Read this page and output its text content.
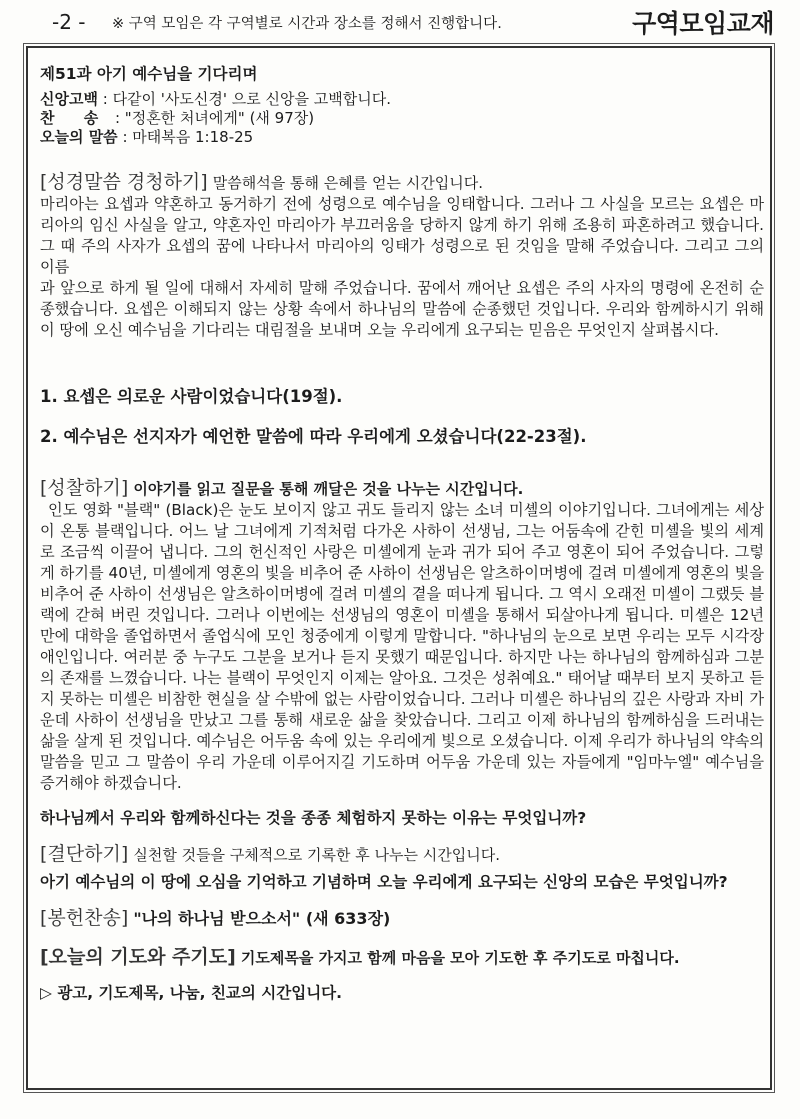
-2 - ※ 구역 모임은 각 구역별로 시간과 장소를 정해서 진행합니다.	구역모임교재

제51과 아기 예수님을 기다리며

신앙고백 : 다같이 '사도신경' 으로 신앙을 고백합니다.

찬 송 : "정혼한 처녀에게" (새 97장)

오늘의 말씀 : 마태복음 1:18-25

[성경말씀 경청하기] 말씀해석을 통해 은혜를 얻는 시간입니다.

마리아는 요셉과 약혼하고 동거하기 전에 성령으로 예수님을 잉태합니다. 그러나 그 사실을 모르는 요셉은 마리아의 임신 사실을 알고, 약혼자인 마리아가 부끄러움을 당하지 않게 하기 위해 조용히 파혼하려고 했습니다. 그 때 주의 사자가 요셉의 꿈에 나타나서 마리아의 잉태가 성령으로 된 것임을 말해 주었습니다. 그리고 그의 이름

과 앞으로 하게 될 일에 대해서 자세히 말해 주었습니다. 꿈에서 깨어난 요셉은 주의 사자의 명령에 온전히 순종했습니다. 요셉은 이해되지 않는 상황 속에서 하나님의 말씀에 순종했던 것입니다. 우리와 함께하시기 위해 이 땅에 오신 예수님을 기다리는 대림절을 보내며 오늘 우리에게 요구되는 믿음은 무엇인지 살펴봅시다.

1. 요셉은 의로운 사람이었습니다(19절).

2. 예수님은 선지자가 예언한 말씀에 따라 우리에게 오셨습니다(22-23절).

[성찰하기] 이야기를 읽고 질문을 통해 깨달은 것을 나누는 시간입니다.

인도 영화 "블랙" (Black)은 눈도 보이지 않고 귀도 들리지 않는 소녀 미셸의 이야기입니다. 그녀에게는 세상이 온통 블랙입니다. 어느 날 그녀에게 기적처럼 다가온 사하이 선생님, 그는 어둠속에 갇힌 미셸을 빛의 세계로 조금씩 이끌어 냅니다. 그의 헌신적인 사랑은 미셸에게 눈과 귀가 되어 주고 영혼이 되어 주었습니다. 그렇게 하기를 40년, 미셸에게 영혼의 빛을 비추어 준 사하이 선생님은 알츠하이머병에 걸려 미셸에게 영혼의 빛을 비추어 준 사하이 선생님은 알츠하이머병에 걸려 미셸의 곁을 떠나게 됩니다. 그 역시 오래전 미셸이 그랬듯 블랙에 갇혀 버린 것입니다. 그러나 이번에는 선생님의 영혼이 미셸을 통해서 되살아나게 됩니다. 미셸은 12년 만에 대학을 졸업하면서 졸업식에 모인 청중에게 이렇게 말합니다. "하나님의 눈으로 보면 우리는 모두 시각장애인입니다. 여러분 중 누구도 그분을 보거나 듣지 못했기 때문입니다. 하지만 나는 하나님의 함께하심과 그분의 존재를 느꼈습니다. 나는 블랙이 무엇인지 이제는 알아요. 그것은 성취예요." 태어날 때부터 보지 못하고 듣지 못하는 미셸은 비참한 현실을 살 수밖에 없는 사람이었습니다. 그러나 미셸은 하나님의 깊은 사랑과 자비 가운데 사하이 선생님을 만났고 그를 통해 새로운 삶을 찾았습니다. 그리고 이제 하나님의 함께하심을 드러내는 삶을 살게 된 것입니다. 예수님은 어두움 속에 있는 우리에게 빛으로 오셨습니다. 이제 우리가 하나님의 약속의 말씀을 믿고 그 말씀이 우리 가운데 이루어지길 기도하며 어두움 가운데 있는 자들에게 "임마누엘" 예수님을 증거해야 하겠습니다.

하나님께서 우리와 함께하신다는 것을 종종 체험하지 못하는 이유는 무엇입니까?

[결단하기] 실천할 것들을 구체적으로 기록한 후 나누는 시간입니다.

아기 예수님의 이 땅에 오심을 기억하고 기념하며 오늘 우리에게 요구되는 신앙의 모습은 무엇입니까?

[봉헌찬송] "나의 하나님 받으소서" (새 633장)
[오늘의 기도와 주기도] 기도제목을 가지고 함께 마음을 모아 기도한 후 주기도로 마칩니다.

▷ 광고, 기도제목, 나눔, 친교의 시간입니다.
